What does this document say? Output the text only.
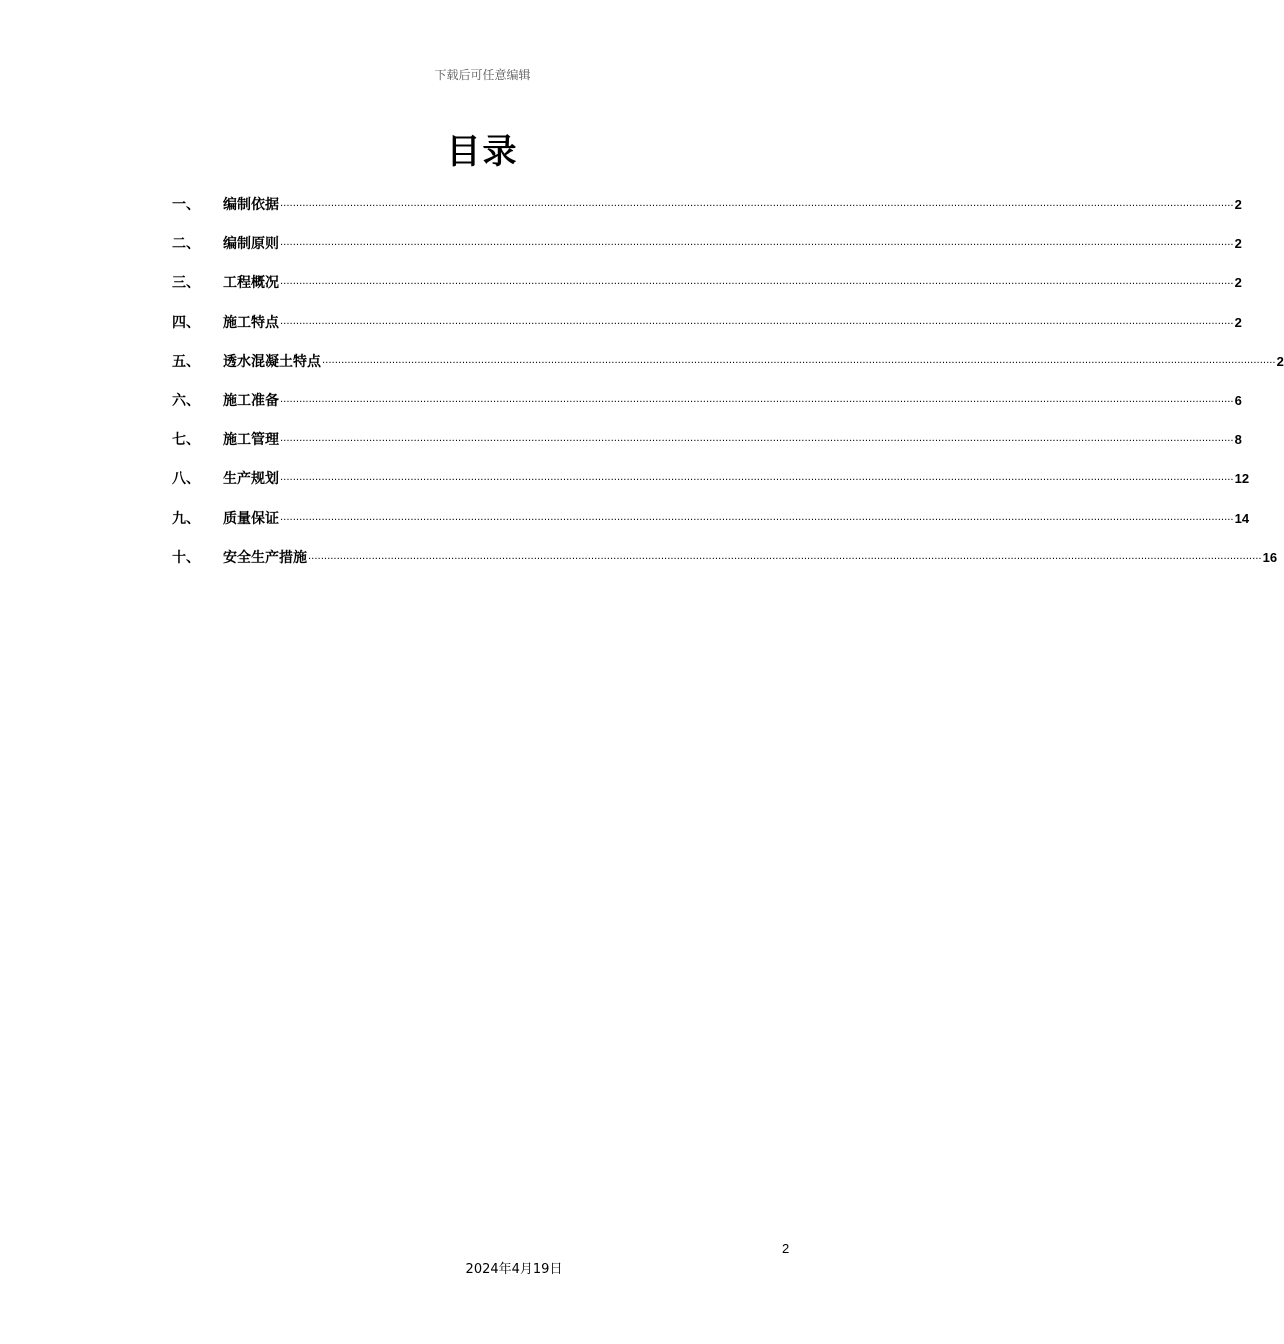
下载后可任意编辑
目录
一、	编制依据 ············································································································································································································································································································ 2
二、	编制原则 ············································································································································································································································································································ 2
三、	工程概况 ············································································································································································································································································································ 2
四、	施工特点 ············································································································································································································································································································ 2
五、	透水混凝土特点 ············································································································································································································································································································ 2
六、	施工准备 ············································································································································································································································································································ 6
七、	施工管理 ············································································································································································································································································································ 8
八、	生产规划 ············································································································································································································································································································ 12
九、	质量保证 ············································································································································································································································································································ 14
十、	安全生产措施 ············································································································································································································································································································ 16
2
2024年4月19日
